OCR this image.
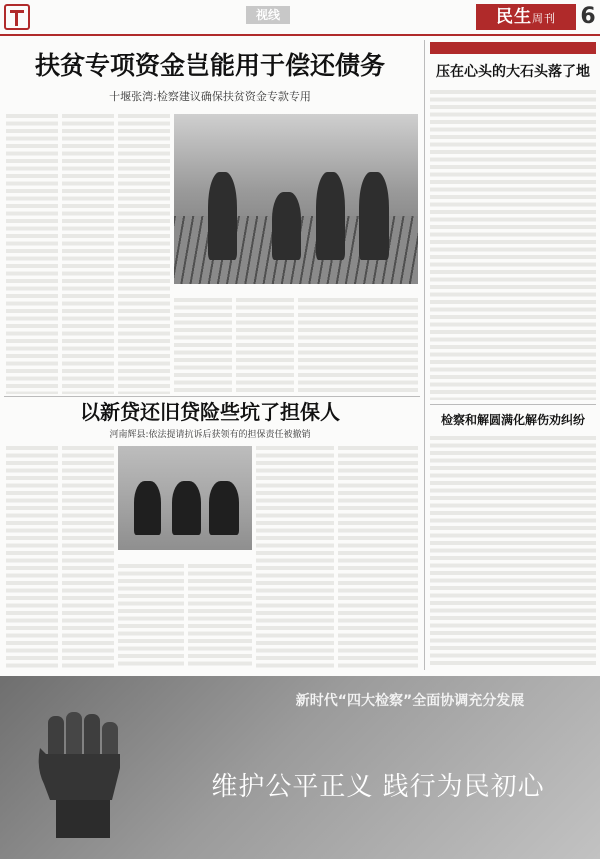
视线	民生周刊	6
扶贫专项资金岂能用于偿还债务
十堰张湾:检察建议确保扶贫资金专款专用
以新贷还旧贷险些坑了担保人
河南辉县:依法提请抗诉后获领有的担保责任被撤销
压在心头的大石头落了地
检察和解圆满化解伤劝纠纷
新时代“四大检察”全面协调充分发展
维护公平正义 践行为民初心
